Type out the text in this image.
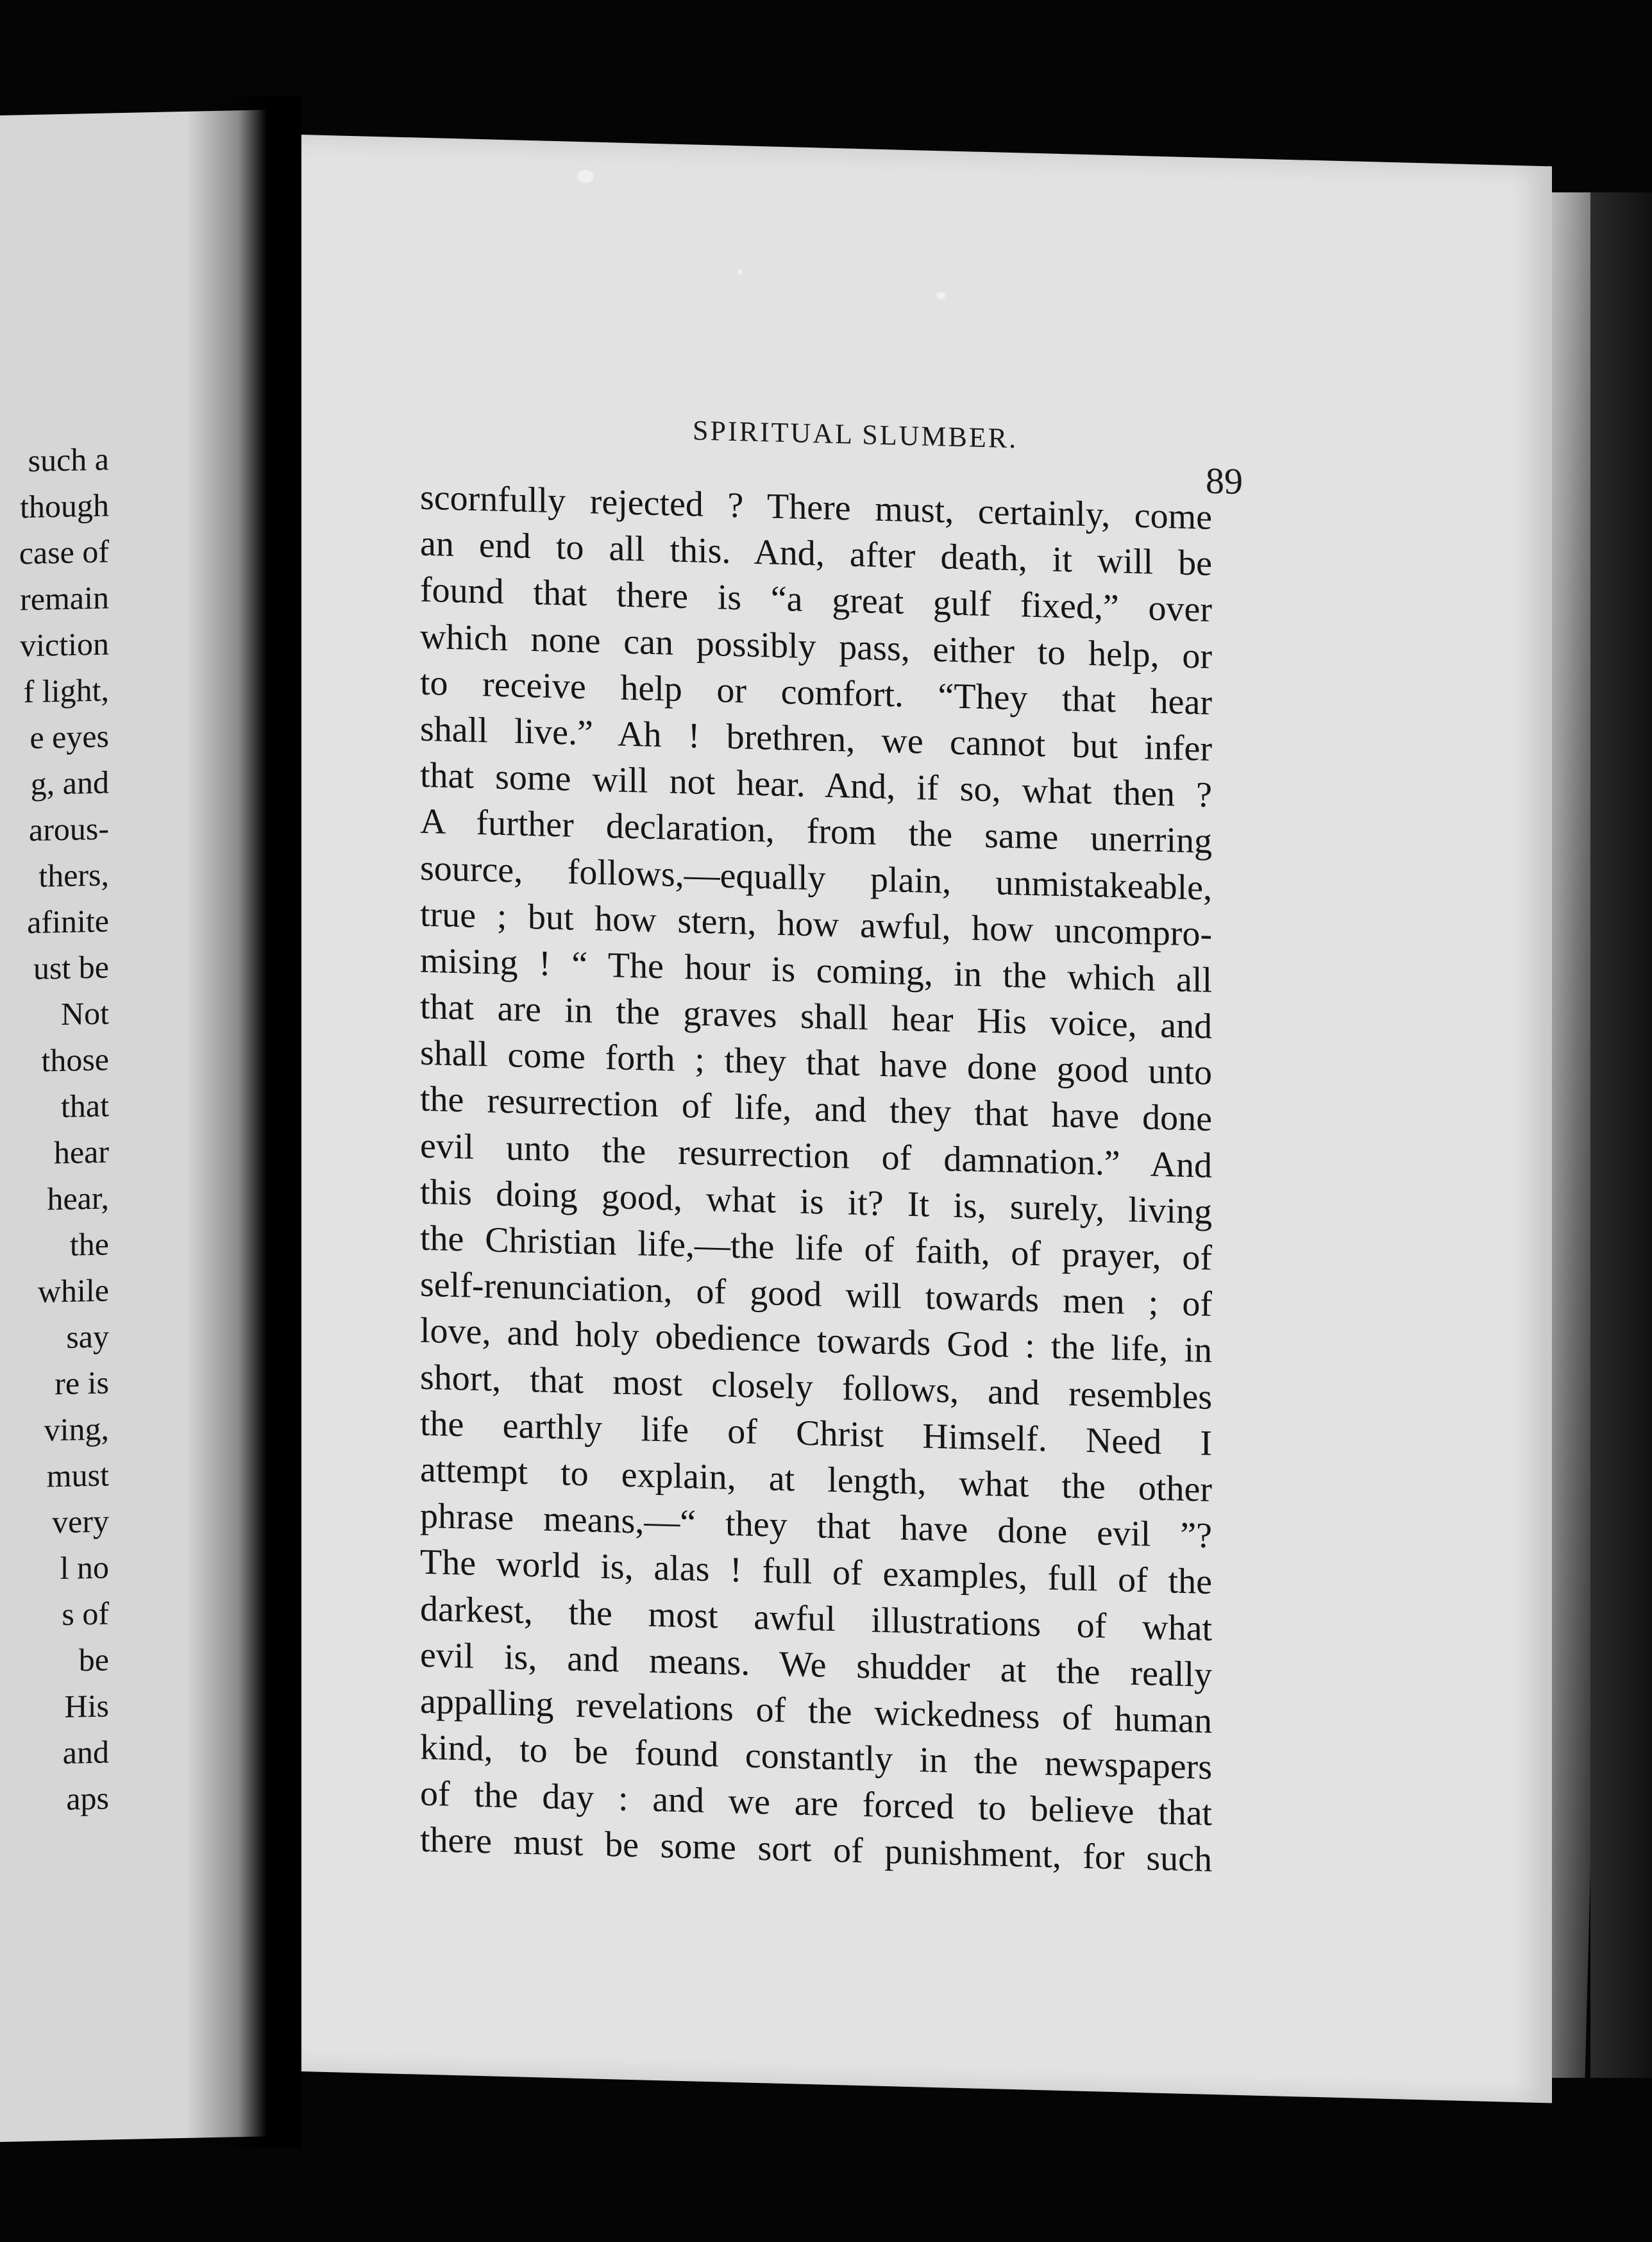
such a
though
case of
remain
viction
f light,
e eyes
g, and
arous-
thers,
afinite
ust be
Not
those
that
hear
hear,
the
while
say
re is
ving,
must
very
l no
s of
be
His
and
aps
SPIRITUAL SLUMBER.
89
scornfully rejected ? There must, certainly, come
an end to all this. And, after death, it will be
found that there is “a great gulf fixed,” over
which none can possibly pass, either to help, or
to receive help or comfort. “They that hear
shall live.” Ah ! brethren, we cannot but infer
that some will not hear. And, if so, what then ?
A further declaration, from the same unerring
source, follows,—equally plain, unmistakeable,
true ; but how stern, how awful, how uncompro-
mising ! “ The hour is coming, in the which all
that are in the graves shall hear His voice, and
shall come forth ; they that have done good unto
the resurrection of life, and they that have done
evil unto the resurrection of damnation.” And
this doing good, what is it? It is, surely, living
the Christian life,—the life of faith, of prayer, of
self-renunciation, of good will towards men ; of
love, and holy obedience towards God : the life, in
short, that most closely follows, and resembles
the earthly life of Christ Himself. Need I
attempt to explain, at length, what the other
phrase means,—“ they that have done evil ”?
The world is, alas ! full of examples, full of the
darkest, the most awful illustrations of what
evil is, and means. We shudder at the really
appalling revelations of the wickedness of human
kind, to be found constantly in the newspapers
of the day : and we are forced to believe that
there must be some sort of punishment, for such
